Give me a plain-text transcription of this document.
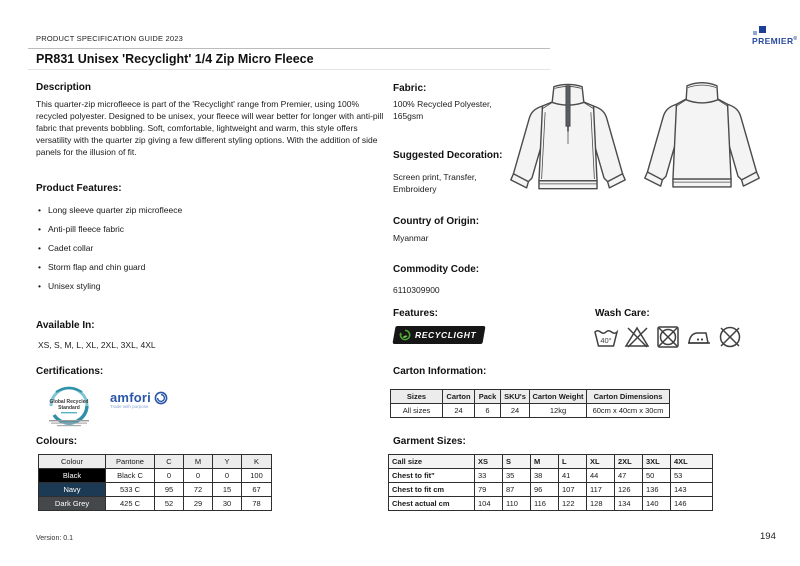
PRODUCT SPECIFICATION GUIDE 2023
PR831 Unisex 'Recyclight' 1/4 Zip Micro Fleece
PREMIER®
Description
This quarter-zip microfleece is part of the 'Recyclight' range from Premier, using 100% recycled polyester. Designed to be unisex, your fleece will wear better for longer with anti-pill fabric that prevents bobbling. Soft, comfortable, lightweight and warm, this style offers versatility with the quarter zip giving a few different styling options. With the addition of side panels for the illusion of fit.
Product Features:
• Long sleeve quarter zip microfleece
• Anti-pill fleece fabric
• Cadet collar
• Storm flap and chin guard
• Unisex styling
Available In:
XS, S, M, L, XL, 2XL, 3XL, 4XL
Certifications:
Global Recycled
Standard
amfori
Trade with purpose
Colours:
Colour	Pantone	C	M	Y	K
Black	Black C	0	0	0	100
Navy	533 C	95	72	15	67
Dark Grey	425 C	52	29	30	78
Fabric:
100% Recycled Polyester, 165gsm
Suggested Decoration:
Screen print, Transfer, Embroidery
Country of Origin:
Myanmar
Commodity Code:
6110309900
Features:
RECYCLIGHT
Wash Care:
40°
Carton Information:
Sizes	Carton	Pack	SKU's	Carton Weight	Carton Dimensions
All sizes	24	6	24	12kg	60cm x 40cm x 30cm
Garment Sizes:
Call size	XS	S	M	L	XL	2XL	3XL	4XL
Chest to fit"	33	35	38	41	44	47	50	53
Chest to fit cm	79	87	96	107	117	126	136	143
Chest actual cm	104	110	116	122	128	134	140	146
Version: 0.1	194
